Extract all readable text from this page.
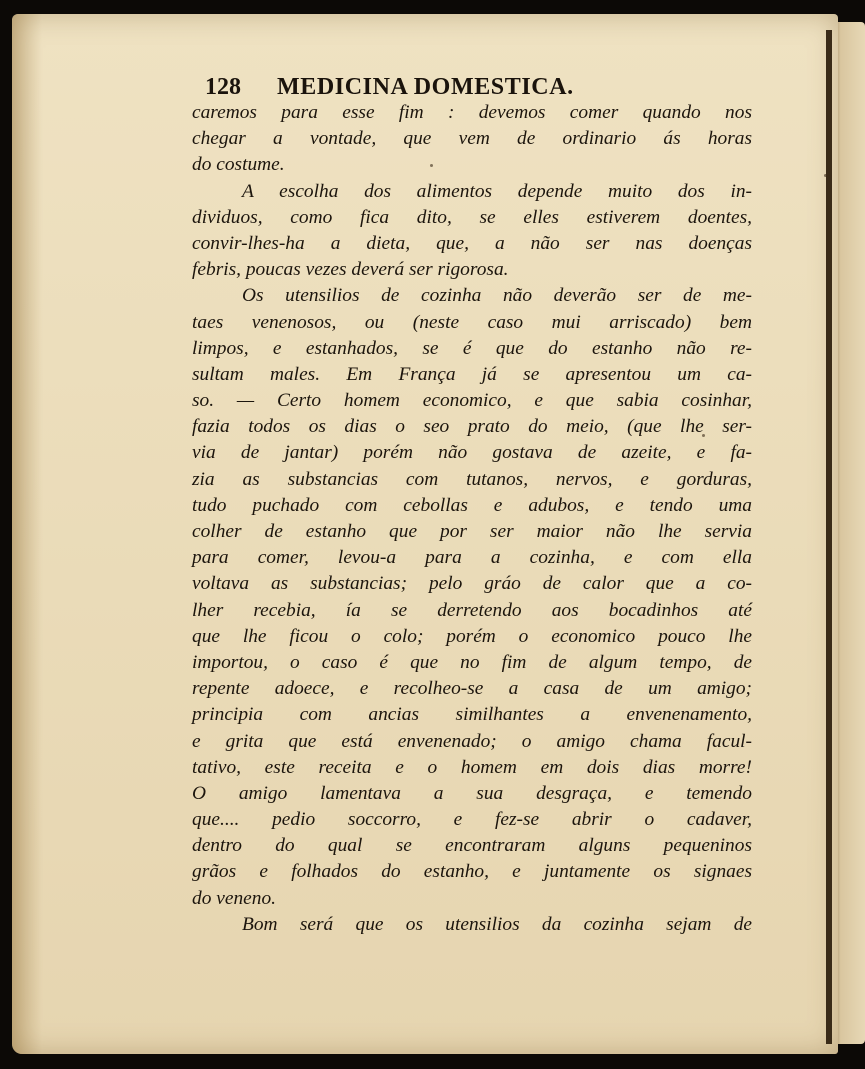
128	MEDICINA DOMESTICA.
caremos para esse fim : devemos comer quando nos
chegar a vontade, que vem de ordinario ás horas
do costume.
A escolha dos alimentos depende muito dos in-
dividuos, como fica dito, se elles estiverem doentes,
convir-lhes-ha a dieta, que, a não ser nas doenças
febris, poucas vezes deverá ser rigorosa.
Os utensilios de cozinha não deverão ser de me-
taes venenosos, ou (neste caso mui arriscado) bem
limpos, e estanhados, se é que do estanho não re-
sultam males. Em França já se apresentou um ca-
so. — Certo homem economico, e que sabia cosinhar,
fazia todos os dias o seo prato do meio, (que lhe ser-
via de jantar) porém não gostava de azeite, e fa-
zia as substancias com tutanos, nervos, e gorduras,
tudo puchado com cebollas e adubos, e tendo uma
colher de estanho que por ser maior não lhe servia
para comer, levou-a para a cozinha, e com ella
voltava as substancias; pelo gráo de calor que a co-
lher recebia, ía se derretendo aos bocadinhos até
que lhe ficou o colo; porém o economico pouco lhe
importou, o caso é que no fim de algum tempo, de
repente adoece, e recolheo-se a casa de um amigo;
principia com ancias similhantes a envenenamento,
e grita que está envenenado; o amigo chama facul-
tativo, este receita e o homem em dois dias morre!
O amigo lamentava a sua desgraça, e temendo
que.... pedio soccorro, e fez-se abrir o cadaver,
dentro do qual se encontraram alguns pequeninos
grãos e folhados do estanho, e juntamente os signaes
do veneno.
Bom será que os utensilios da cozinha sejam de
